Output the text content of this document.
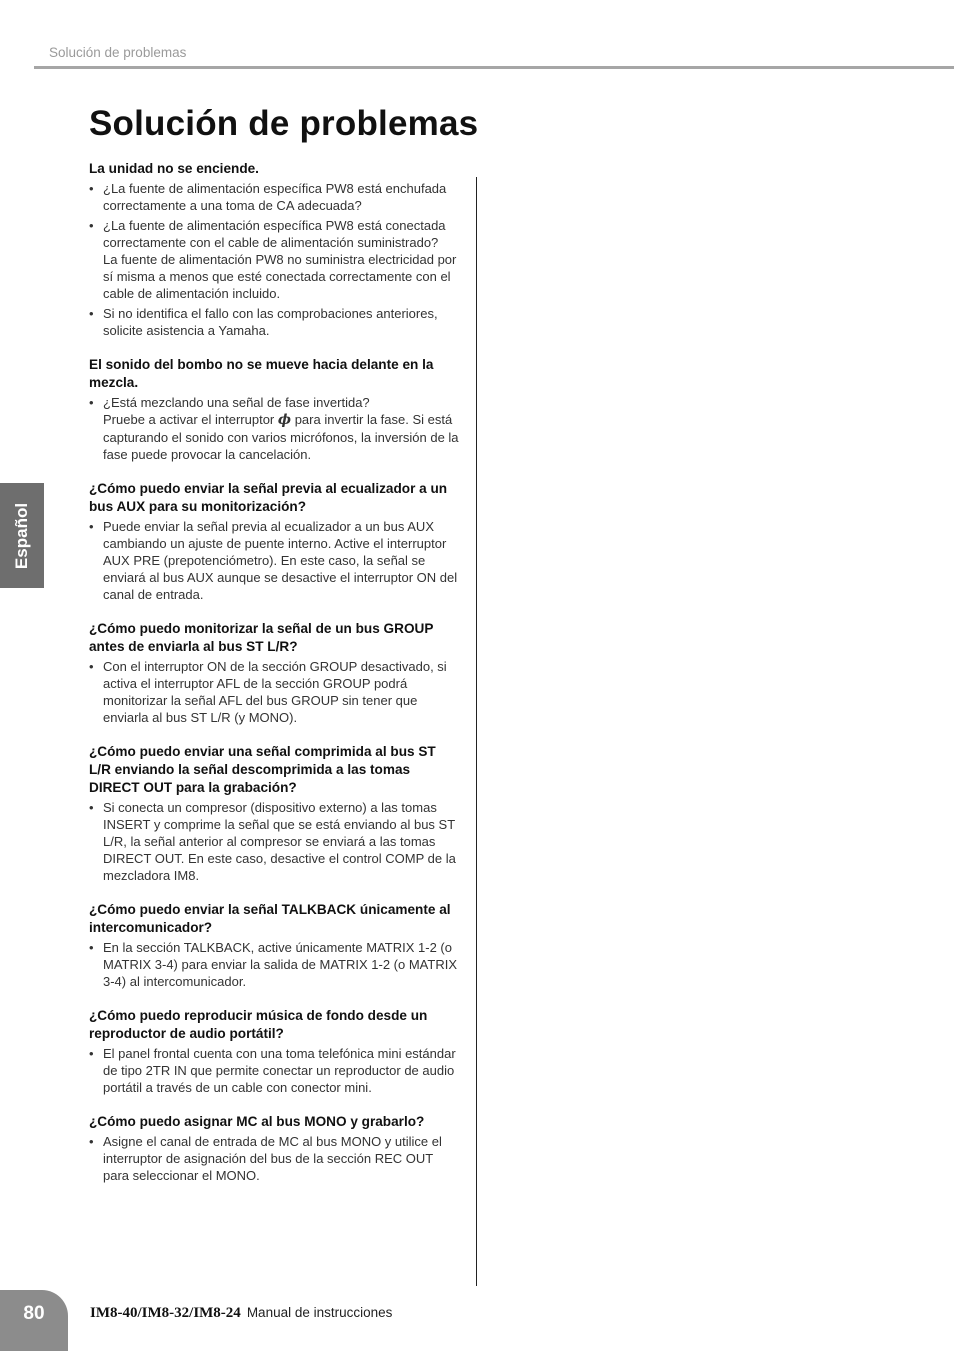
Solución de problemas
Solución de problemas

La unidad no se enciende.

• ¿La fuente de alimentación específica PW8 está enchufada correctamente a una toma de CA adecuada?

• ¿La fuente de alimentación específica PW8 está conectada correctamente con el cable de alimentación suministrado?

La fuente de alimentación PW8 no suministra electricidad por sí misma a menos que esté conectada correctamente con el cable de alimentación incluido.

• Si no identifica el fallo con las comprobaciones anteriores, solicite asistencia a Yamaha.

El sonido del bombo no se mueve hacia delante en la mezcla.

• ¿Está mezclando una señal de fase invertida?

Pruebe a activar el interruptor ϕ para invertir la fase. Si está capturando el sonido con varios micrófonos, la inversión de la fase puede provocar la cancelación.

¿Cómo puedo enviar la señal previa al ecualizador a un bus AUX para su monitorización?

• Puede enviar la señal previa al ecualizador a un bus AUX cambiando un ajuste de puente interno. Active el interruptor AUX PRE (prepotenciómetro). En este caso, la señal se enviará al bus AUX aunque se desactive el interruptor ON del canal de entrada.

¿Cómo puedo monitorizar la señal de un bus GROUP antes de enviarla al bus ST L/R?

• Con el interruptor ON de la sección GROUP desactivado, si activa el interruptor AFL de la sección GROUP podrá monitorizar la señal AFL del bus GROUP sin tener que enviarla al bus ST L/R (y MONO).

¿Cómo puedo enviar una señal comprimida al bus ST L/R enviando la señal descomprimida a las tomas DIRECT OUT para la grabación?

• Si conecta un compresor (dispositivo externo) a las tomas INSERT y comprime la señal que se está enviando al bus ST L/R, la señal anterior al compresor se enviará a las tomas DIRECT OUT. En este caso, desactive el control COMP de la mezcladora IM8.

¿Cómo puedo enviar la señal TALKBACK únicamente al intercomunicador?

• En la sección TALKBACK, active únicamente MATRIX 1-2 (o MATRIX 3-4) para enviar la salida de MATRIX 1-2 (o MATRIX 3-4) al intercomunicador.

¿Cómo puedo reproducir música de fondo desde un reproductor de audio portátil?

• El panel frontal cuenta con una toma telefónica mini estándar de tipo 2TR IN que permite conectar un reproductor de audio portátil a través de un cable con conector mini.

¿Cómo puedo asignar MC al bus MONO y grabarlo?

• Asigne el canal de entrada de MC al bus MONO y utilice el interruptor de asignación del bus de la sección REC OUT para seleccionar el MONO.

Español
80	IM8-40/IM8-32/IM8-24 Manual de instrucciones
